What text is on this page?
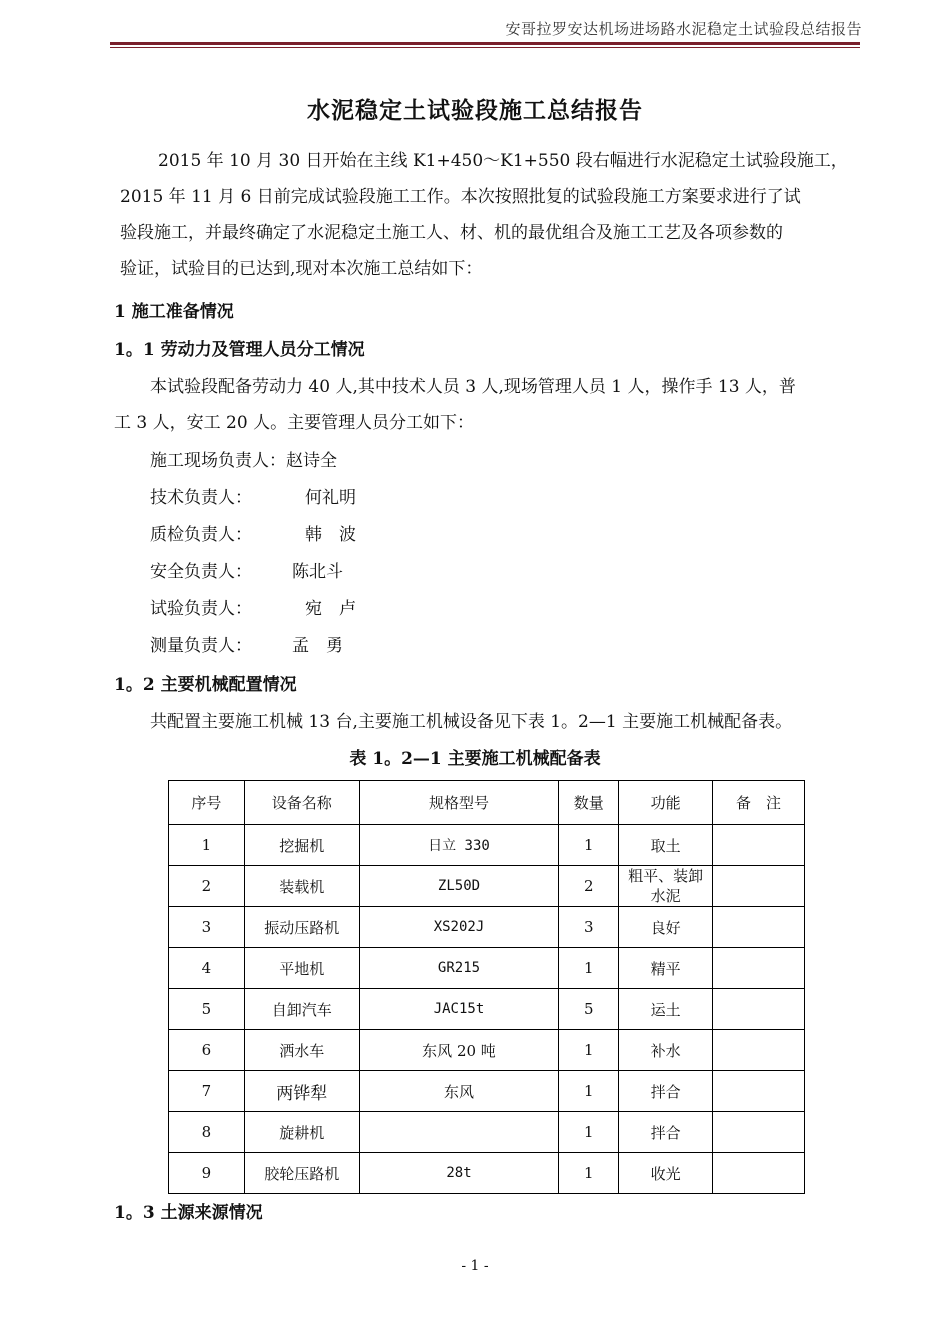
安哥拉罗安达机场进场路水泥稳定土试验段总结报告
水泥稳定土试验段施工总结报告
2015 年 10 月 30 日开始在主线 K1+450～K1+550 段右幅进行水泥稳定土试验段施工，
2015 年 11 月 6 日前完成试验段施工工作。本次按照批复的试验段施工方案要求进行了试
验段施工，并最终确定了水泥稳定土施工人、材、机的最优组合及施工工艺及各项参数的
验证，试验目的已达到,现对本次施工总结如下：
1 施工准备情况
1。1 劳动力及管理人员分工情况
本试验段配备劳动力 40 人,其中技术人员 3 人,现场管理人员 1 人，操作手 13 人，普
工 3 人，安工 20 人。主要管理人员分工如下：
施工现场负责人： 赵诗全
技术负责人：	何礼明
质检负责人：	韩　波
安全负责人： 陈北斗
试验负责人：	宛　卢
测量负责人： 孟　勇
1。2 主要机械配置情况
共配置主要施工机械 13 台,主要施工机械设备见下表 1。2—1 主要施工机械配备表。
表 1。2—1 主要施工机械配备表
序号	设备名称	规格型号	数量	功能	备　注
1	挖掘机	日立 330	1	取土	
2	装载机	ZL50D	2	粗平、装卸水泥	
3	振动压路机	XS202J	3	良好	
4	平地机	GR215	1	精平	
5	自卸汽车	JAC15t	5	运土	
6	洒水车	东风 20 吨	1	补水	
7	两铧犁	东风	1	拌合	
8	旋耕机		1	拌合	
9	胶轮压路机	28t	1	收光	
1。3 土源来源情况
- 1 -
